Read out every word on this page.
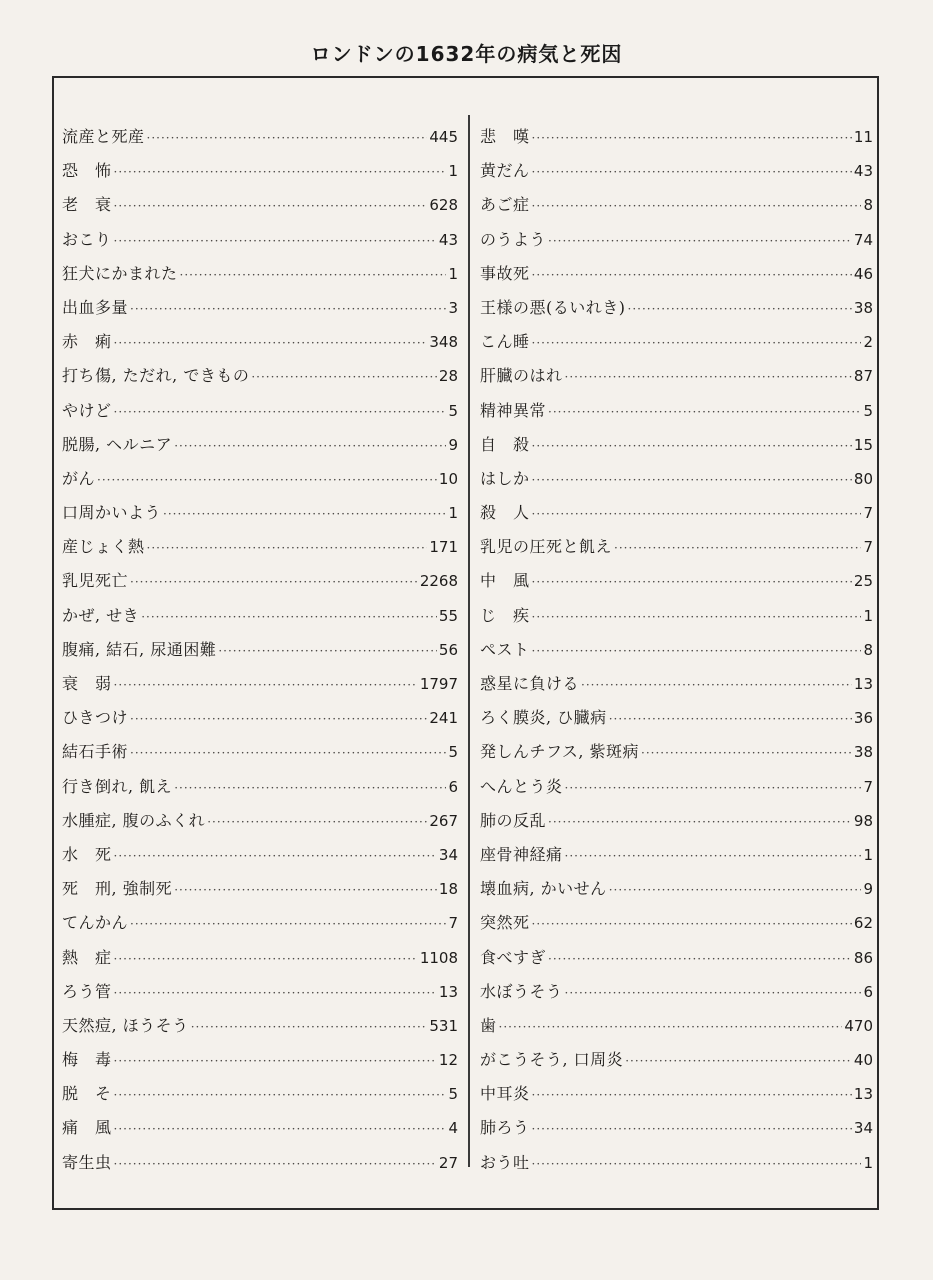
ロンドンの1632年の病気と死因
流産と死産 ·····	445
恐　怖 ·····	1
老　衰 ·····	628
おこり ·····	43
狂犬にかまれた ·····	1
出血多量 ·····	3
赤　痢 ·····	348
打ち傷, ただれ, できもの ·····	28
やけど ·····	5
脱腸, ヘルニア ·····	9
がん ·····	10
口周かいよう ·····	1
産じょく熱 ·····	171
乳児死亡 ·····	2268
かぜ, せき ·····	55
腹痛, 結石, 尿通困難 ·····	56
衰　弱 ·····	1797
ひきつけ ·····	241
結石手術 ·····	5
行き倒れ, 飢え ·····	6
水腫症, 腹のふくれ ·····	267
水　死 ·····	34
死　刑, 強制死 ·····	18
てんかん ·····	7
熱　症 ·····	1108
ろう管 ·····	13
天然痘, ほうそう ·····	531
梅　毒 ·····	12
脱　そ ·····	5
痛　風 ·····	4
寄生虫 ·····	27
悲　嘆 ·····	11
黄だん ·····	43
あご症 ·····	8
のうよう ·····	74
事故死 ·····	46
王様の悪(るいれき) ·····	38
こん睡 ·····	2
肝臓のはれ ·····	87
精神異常 ·····	5
自　殺 ·····	15
はしか ·····	80
殺　人 ·····	7
乳児の圧死と飢え ·····	7
中　風 ·····	25
じ　疾 ·····	1
ペスト ·····	8
惑星に負ける ·····	13
ろく膜炎, ひ臓病 ·····	36
発しんチフス, 紫斑病 ·····	38
へんとう炎 ·····	7
肺の反乱 ·····	98
座骨神経痛 ·····	1
壊血病, かいせん ·····	9
突然死 ·····	62
食べすぎ ·····	86
水ぼうそう ·····	6
歯 ·····	470
がこうそう, 口周炎 ·····	40
中耳炎 ·····	13
肺ろう ·····	34
おう吐 ·····	1
